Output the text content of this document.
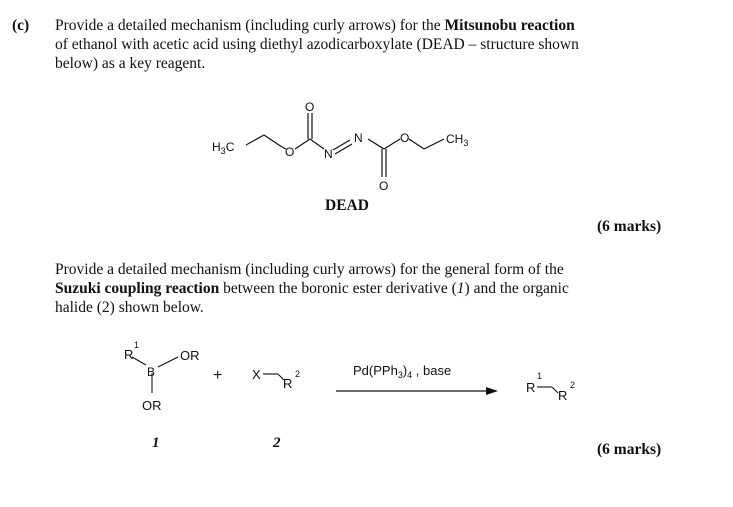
(c) Provide a detailed mechanism (including curly arrows) for the Mitsunobu reaction
of ethanol with acetic acid using diethyl azodicarboxylate (DEAD – structure shown
below) as a key reagent.
$H_3C$	O
O
N
N
O
O	$CH_3$
DEAD
(6 marks)
Provide a detailed mechanism (including curly arrows) for the general form of the
Suzuki coupling reaction between the boronic ester derivative (1) and the organic
halide (2) shown below.
R
1
B
OR
OR
+ X
R
2	$Pd(PPh_3)_4$ , base
R
1
R
2
1	2	(6 marks)
